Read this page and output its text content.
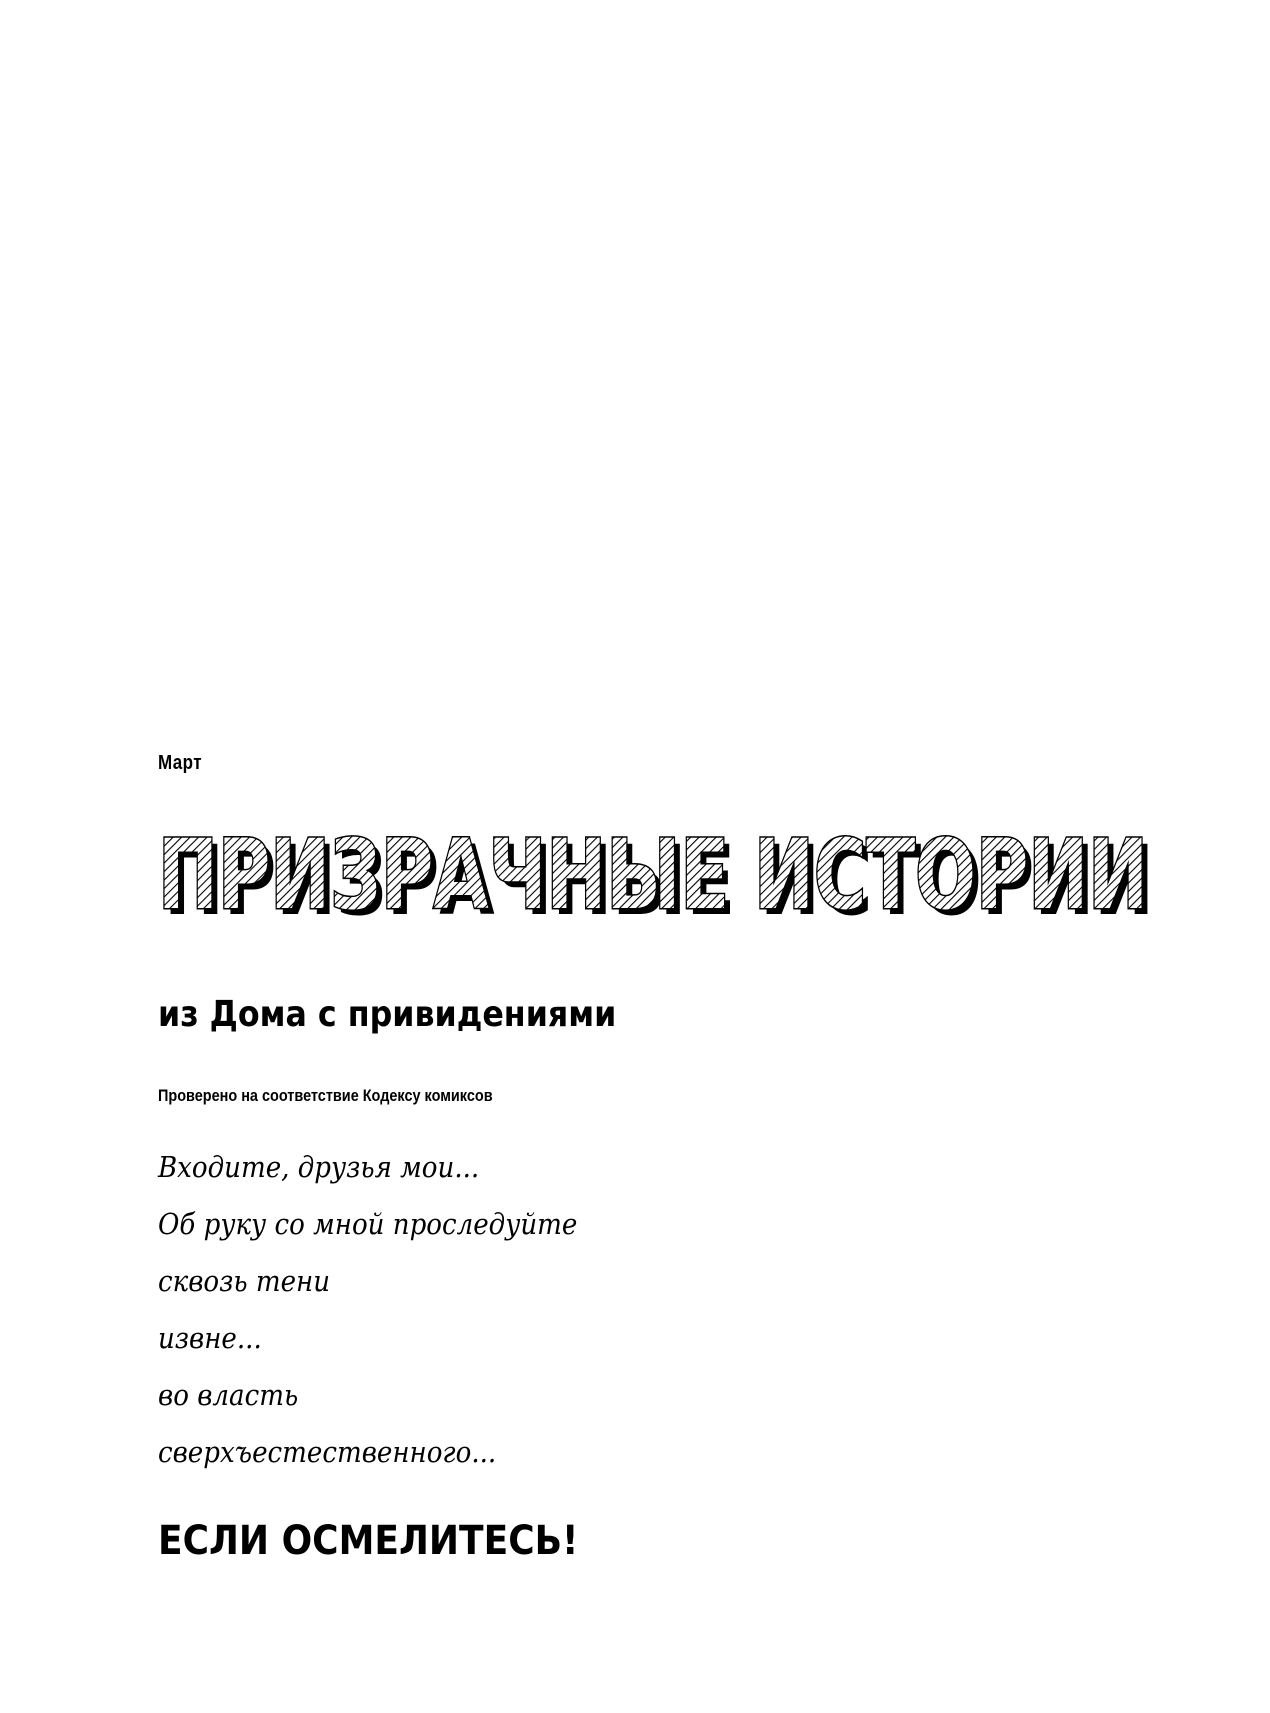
Март
ПРИЗРАЧНЫЕ ИСТОРИИ
ПРИЗРАЧНЫЕ ИСТОРИИ
из Дома с привидениями
Проверено на соответствие Кодексу комиксов
Входите, друзья мои...
Об руку со мной проследуйте
сквозь тени
извне...
во власть
сверхъестественного...
ЕСЛИ ОСМЕЛИТЕСЬ!
